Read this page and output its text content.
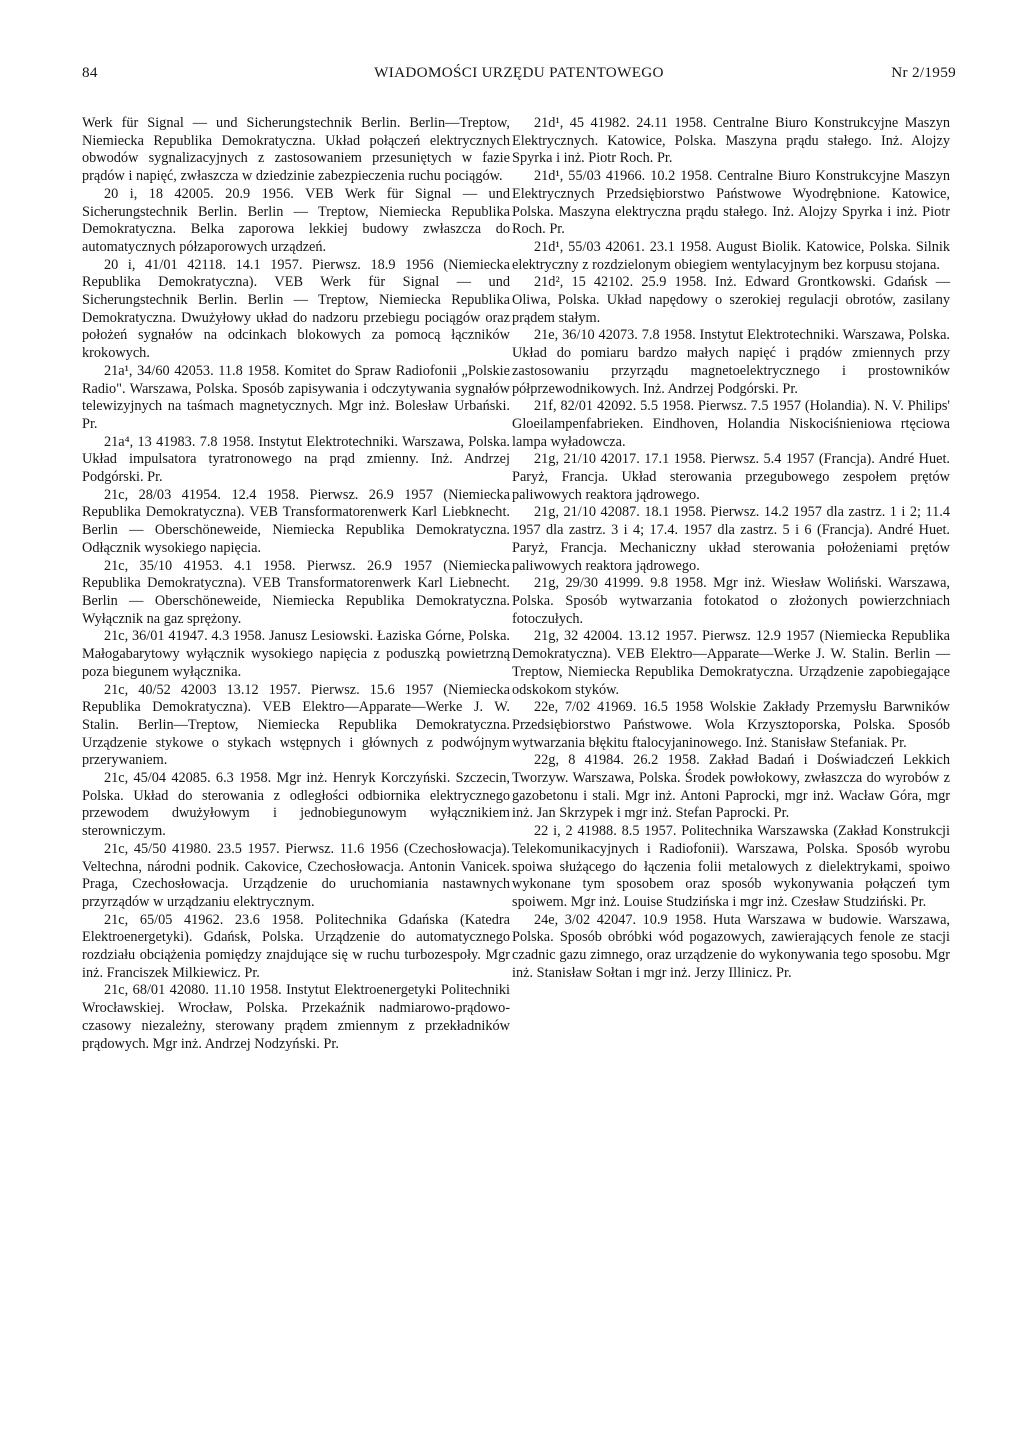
84	WIADOMOŚCI URZĘDU PATENTOWEGO	Nr 2/1959

Werk für Signal — und Sicherungstechnik Berlin. Berlin—Treptow, Niemiecka Republika Demokratyczna. Układ połączeń elektrycznych obwodów sygnalizacyjnych z zastosowaniem przesuniętych w fazie prądów i napięć, zwłaszcza w dziedzinie zabezpieczenia ruchu pociągów.

20 i, 18 42005. 20.9 1956. VEB Werk für Signal — und Sicherungstechnik Berlin. Berlin — Treptow, Niemiecka Republika Demokratyczna. Belka zaporowa lekkiej budowy zwłaszcza do automatycznych półzaporowych urządzeń.

20 i, 41/01 42118. 14.1 1957. Pierwsz. 18.9 1956 (Niemiecka Republika Demokratyczna). VEB Werk für Signal — und Sicherungstechnik Berlin. Berlin — Treptow, Niemiecka Republika Demokratyczna. Dwużyłowy układ do nadzoru przebiegu pociągów oraz położeń sygnałów na odcinkach blokowych za pomocą łączników krokowych.

21a¹, 34/60 42053. 11.8 1958. Komitet do Spraw Radiofonii „Polskie Radio". Warszawa, Polska. Sposób zapisywania i odczytywania sygnałów telewizyjnych na taśmach magnetycznych. Mgr inż. Bolesław Urbański. Pr.

21a⁴, 13 41983. 7.8 1958. Instytut Elektrotechniki. Warszawa, Polska. Układ impulsatora tyratronowego na prąd zmienny. Inż. Andrzej Podgórski. Pr.

21c, 28/03 41954. 12.4 1958. Pierwsz. 26.9 1957 (Niemiecka Republika Demokratyczna). VEB Transformatorenwerk Karl Liebknecht. Berlin — Oberschöneweide, Niemiecka Republika Demokratyczna. Odłącznik wysokiego napięcia.

21c, 35/10 41953. 4.1 1958. Pierwsz. 26.9 1957 (Niemiecka Republika Demokratyczna). VEB Transformatorenwerk Karl Liebnecht. Berlin — Oberschöneweide, Niemiecka Republika Demokratyczna. Wyłącznik na gaz sprężony.

21c, 36/01 41947. 4.3 1958. Janusz Lesiowski. Łaziska Górne, Polska. Małogabarytowy wyłącznik wysokiego napięcia z poduszką powietrzną poza biegunem wyłącznika.

21c, 40/52 42003 13.12 1957. Pierwsz. 15.6 1957 (Niemiecka Republika Demokratyczna). VEB Elektro—Apparate—Werke J. W. Stalin. Berlin—Treptow, Niemiecka Republika Demokratyczna. Urządzenie stykowe o stykach wstępnych i głównych z podwójnym przerywaniem.

21c, 45/04 42085. 6.3 1958. Mgr inż. Henryk Korczyński. Szczecin, Polska. Układ do sterowania z odległości odbiornika elektrycznego przewodem dwużyłowym i jednobiegunowym wyłącznikiem sterowniczym.

21c, 45/50 41980. 23.5 1957. Pierwsz. 11.6 1956 (Czechosłowacja). Veltechna, národni podnik. Cakovice, Czechosłowacja. Antonin Vanicek. Praga, Czechosłowacja. Urządzenie do uruchomiania nastawnych przyrządów w urządzaniu elektrycznym.

21c, 65/05 41962. 23.6 1958. Politechnika Gdańska (Katedra Elektroenergetyki). Gdańsk, Polska. Urządzenie do automatycznego rozdziału obciążenia pomiędzy znajdujące się w ruchu turbozespoły. Mgr inż. Franciszek Milkiewicz. Pr.

21c, 68/01 42080. 11.10 1958. Instytut Elektroenergetyki Politechniki Wrocławskiej. Wrocław, Polska. Przekaźnik nadmiarowo-prądowo-czasowy niezależny, sterowany prądem zmiennym z przekładników prądowych. Mgr inż. Andrzej Nodzyński. Pr.

21d¹, 45 41982. 24.11 1958. Centralne Biuro Konstrukcyjne Maszyn Elektrycznych. Katowice, Polska. Maszyna prądu stałego. Inż. Alojzy Spyrka i inż. Piotr Roch. Pr.

21d¹, 55/03 41966. 10.2 1958. Centralne Biuro Konstrukcyjne Maszyn Elektrycznych Przedsiębiorstwo Państwowe Wyodrębnione. Katowice, Polska. Maszyna elektryczna prądu stałego. Inż. Alojzy Spyrka i inż. Piotr Roch. Pr.

21d¹, 55/03 42061. 23.1 1958. August Biolik. Katowice, Polska. Silnik elektryczny z rozdzielonym obiegiem wentylacyjnym bez korpusu stojana.

21d², 15 42102. 25.9 1958. Inż. Edward Grontkowski. Gdańsk — Oliwa, Polska. Układ napędowy o szerokiej regulacji obrotów, zasilany prądem stałym.

21e, 36/10 42073. 7.8 1958. Instytut Elektrotechniki. Warszawa, Polska. Układ do pomiaru bardzo małych napięć i prądów zmiennych przy zastosowaniu przyrządu magnetoelektrycznego i prostowników półprzewodnikowych. Inż. Andrzej Podgórski. Pr.

21f, 82/01 42092. 5.5 1958. Pierwsz. 7.5 1957 (Holandia). N. V. Philips' Gloeilampenfabrieken. Eindhoven, Holandia Niskociśnieniowa rtęciowa lampa wyładowcza.

21g, 21/10 42017. 17.1 1958. Pierwsz. 5.4 1957 (Francja). André Huet. Paryż, Francja. Układ sterowania przegubowego zespołem prętów paliwowych reaktora jądrowego.

21g, 21/10 42087. 18.1 1958. Pierwsz. 14.2 1957 dla zastrz. 1 i 2; 11.4 1957 dla zastrz. 3 i 4; 17.4. 1957 dla zastrz. 5 i 6 (Francja). André Huet. Paryż, Francja. Mechaniczny układ sterowania położeniami prętów paliwowych reaktora jądrowego.

21g, 29/30 41999. 9.8 1958. Mgr inż. Wiesław Woliński. Warszawa, Polska. Sposób wytwarzania fotokatod o złożonych powierzchniach fotoczułych.

21g, 32 42004. 13.12 1957. Pierwsz. 12.9 1957 (Niemiecka Republika Demokratyczna). VEB Elektro—Apparate—Werke J. W. Stalin. Berlin — Treptow, Niemiecka Republika Demokratyczna. Urządzenie zapobiegające odskokom styków.

22e, 7/02 41969. 16.5 1958 Wolskie Zakłady Przemysłu Barwników Przedsiębiorstwo Państwowe. Wola Krzysztoporska, Polska. Sposób wytwarzania błękitu ftalocyjaninowego. Inż. Stanisław Stefaniak. Pr.

22g, 8 41984. 26.2 1958. Zakład Badań i Doświadczeń Lekkich Tworzyw. Warszawa, Polska. Środek powłokowy, zwłaszcza do wyrobów z gazobetonu i stali. Mgr inż. Antoni Paprocki, mgr inż. Wacław Góra, mgr inż. Jan Skrzypek i mgr inż. Stefan Paprocki. Pr.

22 i, 2 41988. 8.5 1957. Politechnika Warszawska (Zakład Konstrukcji Telekomunikacyjnych i Radiofonii). Warszawa, Polska. Sposób wyrobu spoiwa służącego do łączenia folii metalowych z dielektrykami, spoiwo wykonane tym sposobem oraz sposób wykonywania połączeń tym spoiwem. Mgr inż. Louise Studzińska i mgr inż. Czesław Studziński. Pr.

24e, 3/02 42047. 10.9 1958. Huta Warszawa w budowie. Warszawa, Polska. Sposób obróbki wód pogazowych, zawierających fenole ze stacji czadnic gazu zimnego, oraz urządzenie do wykonywania tego sposobu. Mgr inż. Stanisław Sołtan i mgr inż. Jerzy Illinicz. Pr.
